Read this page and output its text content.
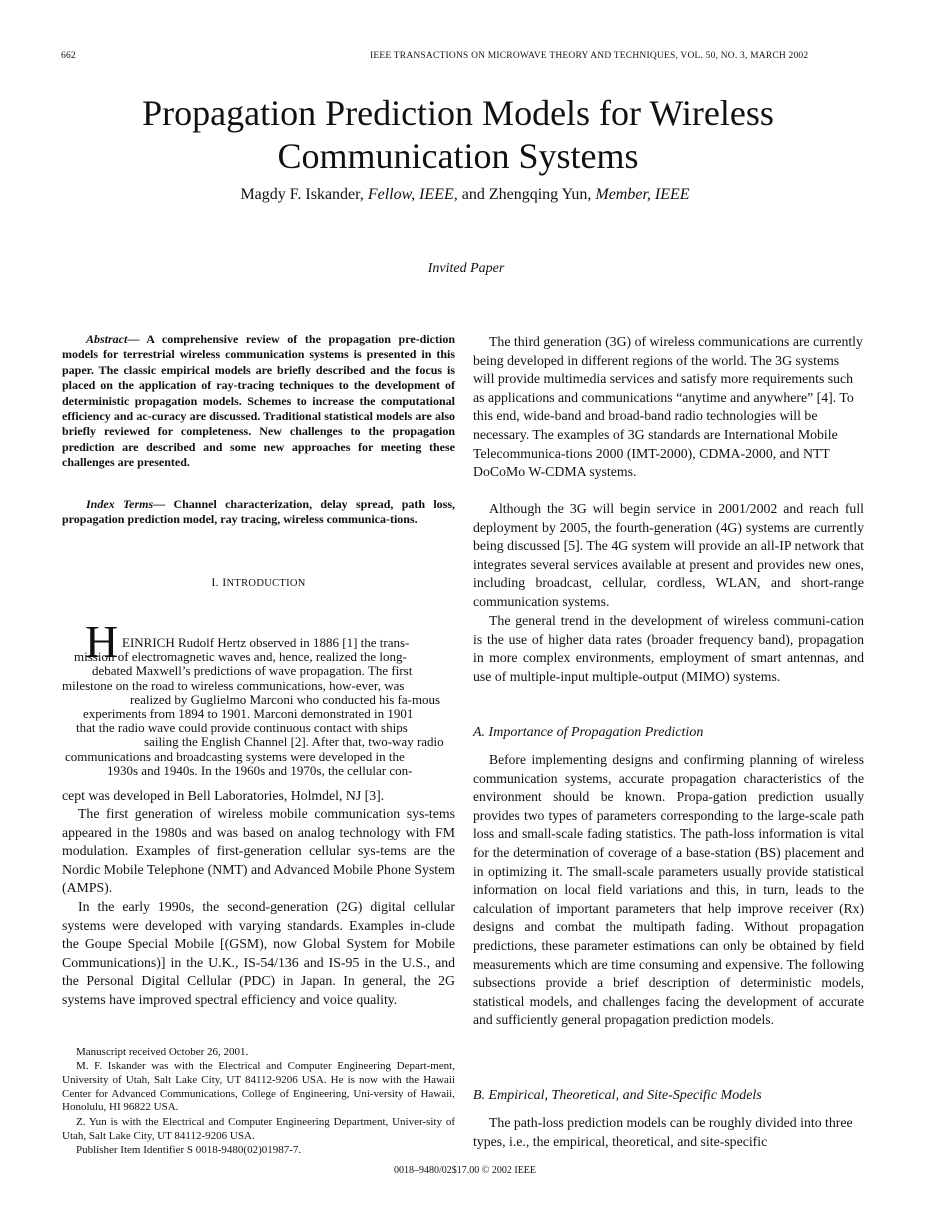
662	IEEE TRANSACTIONS ON MICROWAVE THEORY AND TECHNIQUES, VOL. 50, NO. 3, MARCH 2002
Propagation Prediction Models for Wireless
Communication Systems
Magdy F. Iskander, Fellow, IEEE, and Zhengqing Yun, Member, IEEE
Invited Paper

Abstract— A comprehensive review of the propagation pre-diction models for terrestrial wireless communication systems is presented in this paper. The classic empirical models are briefly described and the focus is placed on the application of ray-tracing techniques to the development of deterministic propagation models. Schemes to increase the computational efficiency and ac-curacy are discussed. Traditional statistical models are also briefly reviewed for completeness. New challenges to the propagation prediction are described and some new approaches for meeting these challenges are presented.

Index Terms— Channel characterization, delay spread, path loss, propagation prediction model, ray tracing, wireless communica-tions.

I. INTRODUCTION
H EINRICH Rudolf Hertz observed in 1886 [1] the trans-
mission of electromagnetic waves and, hence, realized the long-
debated Maxwell’s predictions of wave propagation. The first
milestone on the road to wireless communications, how-ever, was
realized by Guglielmo Marconi who conducted his fa-mous
experiments from 1894 to 1901. Marconi demonstrated in 1901
that the radio wave could provide continuous contact with ships
sailing the English Channel [2]. After that, two-way radio
communications and broadcasting systems were developed in the
1930s and 1940s. In the 1960s and 1970s, the cellular con-

cept was developed in Bell Laboratories, Holmdel, NJ [3].

The first generation of wireless mobile communication sys-tems appeared in the 1980s and was based on analog technology with FM modulation. Examples of first-generation cellular sys-tems are the Nordic Mobile Telephone (NMT) and Advanced Mobile Phone System (AMPS).

In the early 1990s, the second-generation (2G) digital cellular systems were developed with varying standards. Examples in-clude the Goupe Special Mobile [(GSM), now Global System for Mobile Communications)] in the U.K., IS-54/136 and IS-95 in the U.S., and the Personal Digital Cellular (PDC) in Japan. In general, the 2G systems have improved spectral efficiency and voice quality.

Manuscript received October 26, 2001.

M. F. Iskander was with the Electrical and Computer Engineering Depart-ment, University of Utah, Salt Lake City, UT 84112-9206 USA. He is now with the Hawaii Center for Advanced Communications, College of Engineering, Uni-versity of Hawaii, Honolulu, HI 96822 USA.

Z. Yun is with the Electrical and Computer Engineering Department, Univer-sity of Utah, Salt Lake City, UT 84112-9206 USA.

Publisher Item Identifier S 0018-9480(02)01987-7.

The third generation (3G) of wireless communications are currently being developed in different regions of the world. The 3G systems will provide multimedia services and satisfy more requirements such as applications and communications “anytime and anywhere” [4]. To this end, wide-band and broad-band radio technologies will be necessary. The examples of 3G standards are International Mobile Telecommunica-tions 2000 (IMT-2000), CDMA-2000, and NTT DoCoMo W-CDMA systems.

Although the 3G will begin service in 2001/2002 and reach full deployment by 2005, the fourth-generation (4G) systems are currently being discussed [5]. The 4G system will provide an all-IP network that integrates several services available at present and provides new ones, including broadcast, cellular, cordless, WLAN, and short-range communication systems.

The general trend in the development of wireless communi-cation is the use of higher data rates (broader frequency band), propagation in more complex environments, employment of smart antennas, and use of multiple-input multiple-output (MIMO) systems.

A. Importance of Propagation Prediction

Before implementing designs and confirming planning of wireless communication systems, accurate propagation characteristics of the environment should be known. Propa-gation prediction usually provides two types of parameters corresponding to the large-scale path loss and small-scale fading statistics. The path-loss information is vital for the determination of coverage of a base-station (BS) placement and in optimizing it. The small-scale parameters usually provide statistical information on local field variations and this, in turn, leads to the calculation of important parameters that help improve receiver (Rx) designs and combat the multipath fading. Without propagation predictions, these parameter estimations can only be obtained by field measurements which are time consuming and expensive. The following subsections provide a brief description of deterministic models, statistical models, and challenges facing the development of accurate and sufficiently general propagation prediction models.

B. Empirical, Theoretical, and Site-Specific Models

The path-loss prediction models can be roughly divided into three types, i.e., the empirical, theoretical, and site-specific

0018–9480/02$17.00 © 2002 IEEE
